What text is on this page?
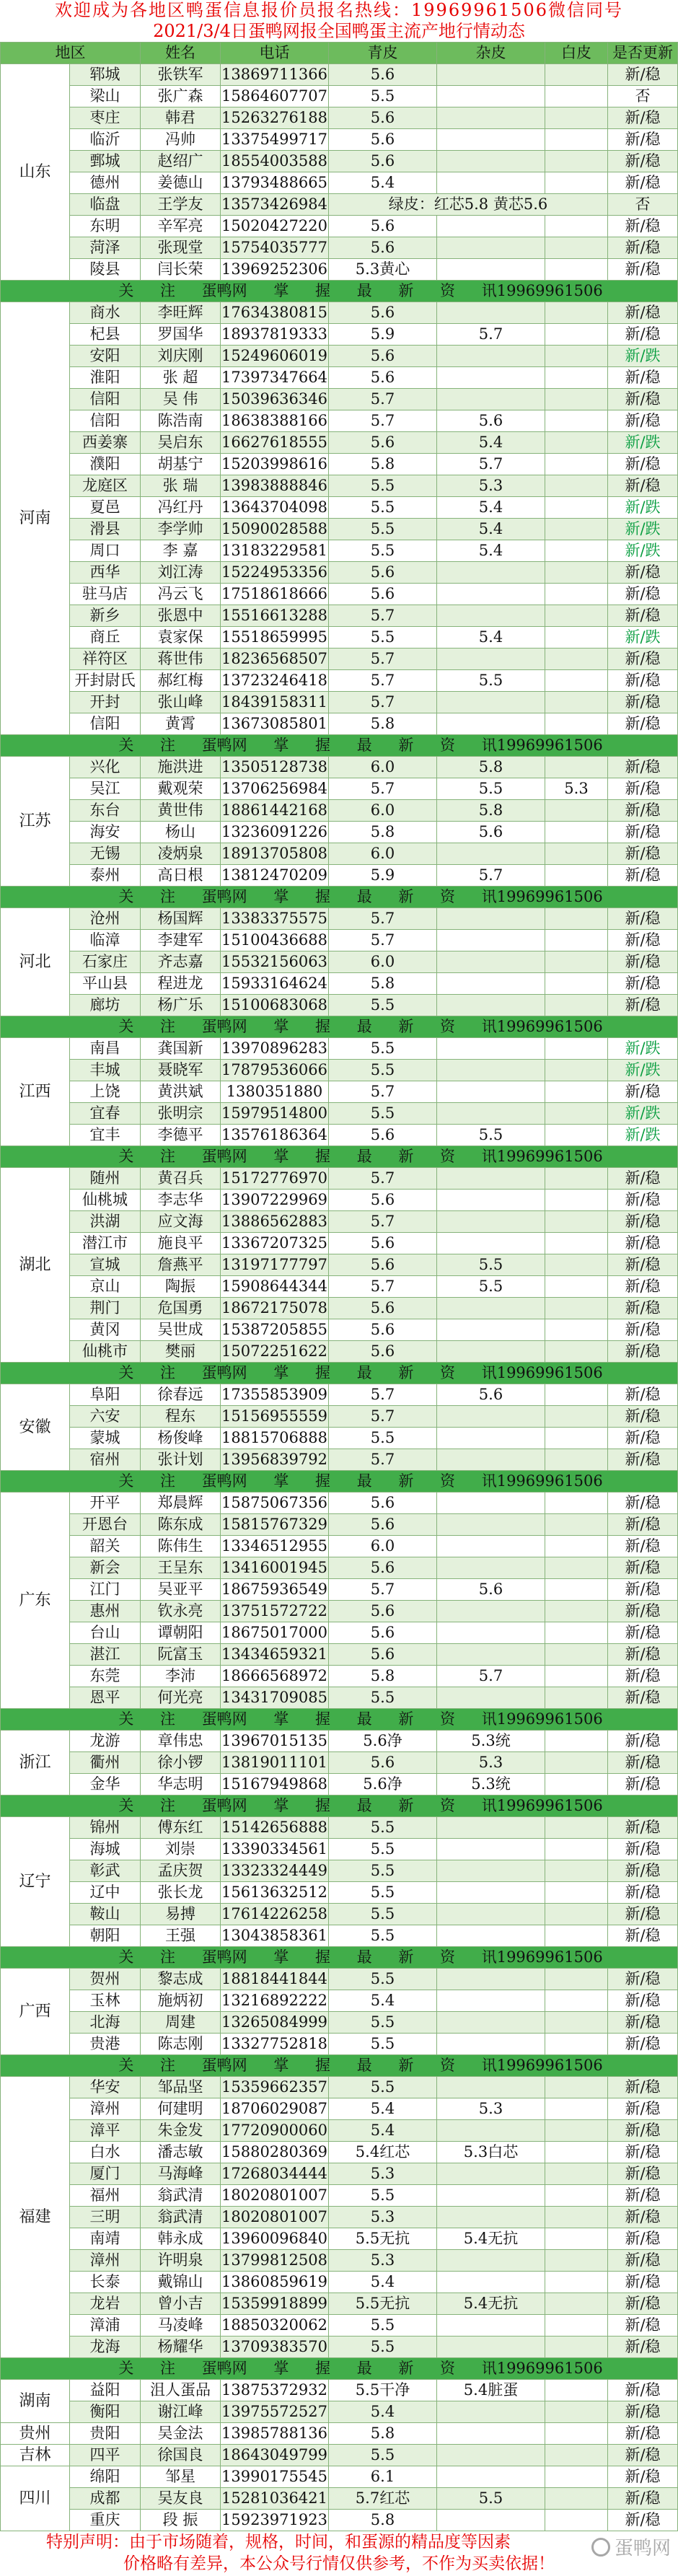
欢迎成为各地区鸭蛋信息报价员报名热线：19969961506微信同号
2021/3/4日蛋鸭网报全国鸭蛋主流产地行情动态
地区	姓名	电话	青皮	杂皮	白皮	是否更新
山东
郓城	张铁军	13869711366	5.6	新/稳
梁山	张广森	15864607707	5.5	否
枣庄	韩君	15263276188	5.6	新/稳
临沂	冯帅	13375499717	5.6	新/稳
鄄城	赵绍广	18554003588	5.6	新/稳
德州	姜德山	13793488665	5.4	新/稳
临盘	王学友	13573426984	绿皮：红芯5.8 黄芯5.6	否
东明	辛军亮	15020427220	5.6	新/稳
菏泽	张现堂	15754035777	5.6	新/稳
陵县	闫长荣	13969252306	5.3黄心	新/稳
关 注 蛋鸭网 掌 握 最 新 资 讯19969961506
河南
商水	李旺辉	17634380815	5.6	新/稳
杞县	罗国华	18937819333	5.9	5.7	新/稳
安阳	刘庆刚	15249606019	5.6	新/跌
淮阳	张 超	17397347664	5.6	新/稳
信阳	吴 伟	15039636346	5.7	新/稳
信阳	陈浩南	18638388166	5.7	5.6	新/稳
西姜寨	吴启东	16627618555	5.6	5.4	新/跌
濮阳	胡基宁	15203998616	5.8	5.7	新/稳
龙庭区	张 瑞	13983888846	5.5	5.3	新/稳
夏邑	冯红丹	13643704098	5.5	5.4	新/跌
滑县	李学帅	15090028588	5.5	5.4	新/跌
周口	李 嘉	13183229581	5.5	5.4	新/跌
西华	刘江涛	15224953356	5.6	新/稳
驻马店	冯云飞	17518618666	5.6	新/稳
新乡	张恩中	15516613288	5.7	新/稳
商丘	袁家保	15518659995	5.5	5.4	新/跌
祥符区	蒋世伟	18236568507	5.7	新/稳
开封尉氏	郝红梅	13723246418	5.7	5.5	新/稳
开封	张山峰	18439158311	5.7	新/稳
信阳	黄霄	13673085801	5.8	新/稳
关 注 蛋鸭网 掌 握 最 新 资 讯19969961506
江苏
兴化	施洪进	13505128738	6.0	5.8	新/稳
吴江	戴观荣	13706256984	5.7	5.5	5.3	新/稳
东台	黄世伟	18861442168	6.0	5.8	新/稳
海安	杨山	13236091226	5.8	5.6	新/稳
无锡	凌炳泉	18913705808	6.0	新/稳
泰州	高日根	13812470209	5.9	5.7	新/稳
关 注 蛋鸭网 掌 握 最 新 资 讯19969961506
河北
沧州	杨国辉	13383375575	5.7	新/稳
临漳	李建军	15100436688	5.7	新/稳
石家庄	齐志嘉	15532156063	6.0	新/稳
平山县	程进龙	15933164624	5.8	新/稳
廊坊	杨广乐	15100683068	5.5	新/稳
关 注 蛋鸭网 掌 握 最 新 资 讯19969961506
江西
南昌	龚国新	13970896283	5.5	新/跌
丰城	聂晓军	17879536066	5.5	新/跌
上饶	黄洪斌	1380351880	5.7	新/稳
宜春	张明宗	15979514800	5.5	新/跌
宜丰	李德平	13576186364	5.6	5.5	新/跌
关 注 蛋鸭网 掌 握 最 新 资 讯19969961506
湖北
随州	黄召兵	15172776970	5.7	新/稳
仙桃城	李志华	13907229969	5.6	新/稳
洪湖	应文海	13886562883	5.7	新/稳
潜江市	施良平	13367207325	5.6	新/稳
宣城	詹燕平	13197177797	5.6	5.5	新/稳
京山	陶振	15908644344	5.7	5.5	新/稳
荆门	危国勇	18672175078	5.6	新/稳
黄冈	吴世成	15387205855	5.6	新/稳
仙桃市	樊丽	15072251622	5.6	新/稳
关 注 蛋鸭网 掌 握 最 新 资 讯19969961506
安徽
阜阳	徐春远	17355853909	5.7	5.6	新/稳
六安	程东	15156955559	5.7	新/稳
蒙城	杨俊峰	18815706888	5.5	新/稳
宿州	张计划	13956839792	5.7	新/稳
关 注 蛋鸭网 掌 握 最 新 资 讯19969961506
广东
开平	郑晨辉	15875067356	5.6	新/稳
开恩台	陈东成	15815767329	5.6	新/稳
韶关	陈伟生	13346512955	6.0	新/稳
新会	王呈东	13416001945	5.6	新/稳
江门	吴亚平	18675936549	5.7	5.6	新/稳
惠州	钦永亮	13751572722	5.6	新/稳
台山	谭朝阳	18675017000	5.6	新/稳
湛江	阮富玉	13434659321	5.6	新/稳
东莞	李沛	18666568972	5.8	5.7	新/稳
恩平	何光亮	13431709085	5.5	新/稳
关 注 蛋鸭网 掌 握 最 新 资 讯19969961506
浙江
龙游	章伟忠	13967015135	5.6净	5.3统	新/稳
衢州	徐小锣	13819011101	5.6	5.3	新/稳
金华	华志明	15167949868	5.6净	5.3统	新/稳
关 注 蛋鸭网 掌 握 最 新 资 讯19969961506
辽宁
锦州	傅东红	15142656888	5.5	新/稳
海城	刘崇	13390334561	5.5	新/稳
彰武	孟庆贺	13323324449	5.5	新/稳
辽中	张长龙	15613632512	5.5	新/稳
鞍山	易搏	17614226258	5.5	新/稳
朝阳	王强	13043858361	5.5	新/稳
关 注 蛋鸭网 掌 握 最 新 资 讯19969961506
广西
贺州	黎志成	18818441844	5.5	新/稳
玉林	施炳初	13216892222	5.4	新/稳
北海	周建	13265084999	5.5	新/稳
贵港	陈志刚	13327752818	5.5	新/稳
关 注 蛋鸭网 掌 握 最 新 资 讯19969961506
福建
华安	邹品坚	15359662357	5.5	新/稳
漳州	何建明	18706029087	5.4	5.3	新/稳
漳平	朱金发	17720900060	5.4	新/稳
白水	潘志敏	15880280369	5.4红芯	5.3白芯	新/稳
厦门	马海峰	17268034444	5.3	新/稳
福州	翁武清	18020801007	5.5	新/稳
三明	翁武清	18020801007	5.3	新/稳
南靖	韩永成	13960096840	5.5无抗	5.4无抗	新/稳
漳州	许明泉	13799812508	5.3	新/稳
长泰	戴锦山	13860859619	5.4	新/稳
龙岩	曾小吉	15359918899	5.5无抗	5.4无抗	新/稳
漳浦	马凌峰	18850320062	5.5	新/稳
龙海	杨耀华	13709383570	5.5	新/稳
关 注 蛋鸭网 掌 握 最 新 资 讯19969961506
湖南
益阳	沮人蛋品 13875372932	5.5干净	5.4脏蛋	新/稳
衡阳	谢江峰	13975572527	5.4	新/稳
贵州	贵阳	吴金法	13985788136	5.8	新/稳
吉林	四平	徐国良	18643049799	5.5	新/稳
四川
绵阳	邹星	13990175545	6.1	新/稳
成都	吴友良	15281036421	5.7红芯	5.5	新/稳
重庆	段 振	15923971923	5.8	新/稳
特别声明：由于市场随着，规格，时间，和蛋源的精品度等因素
价格略有差异，本公众号行情仅供参考，不作为买卖依据！
蛋鸭网
